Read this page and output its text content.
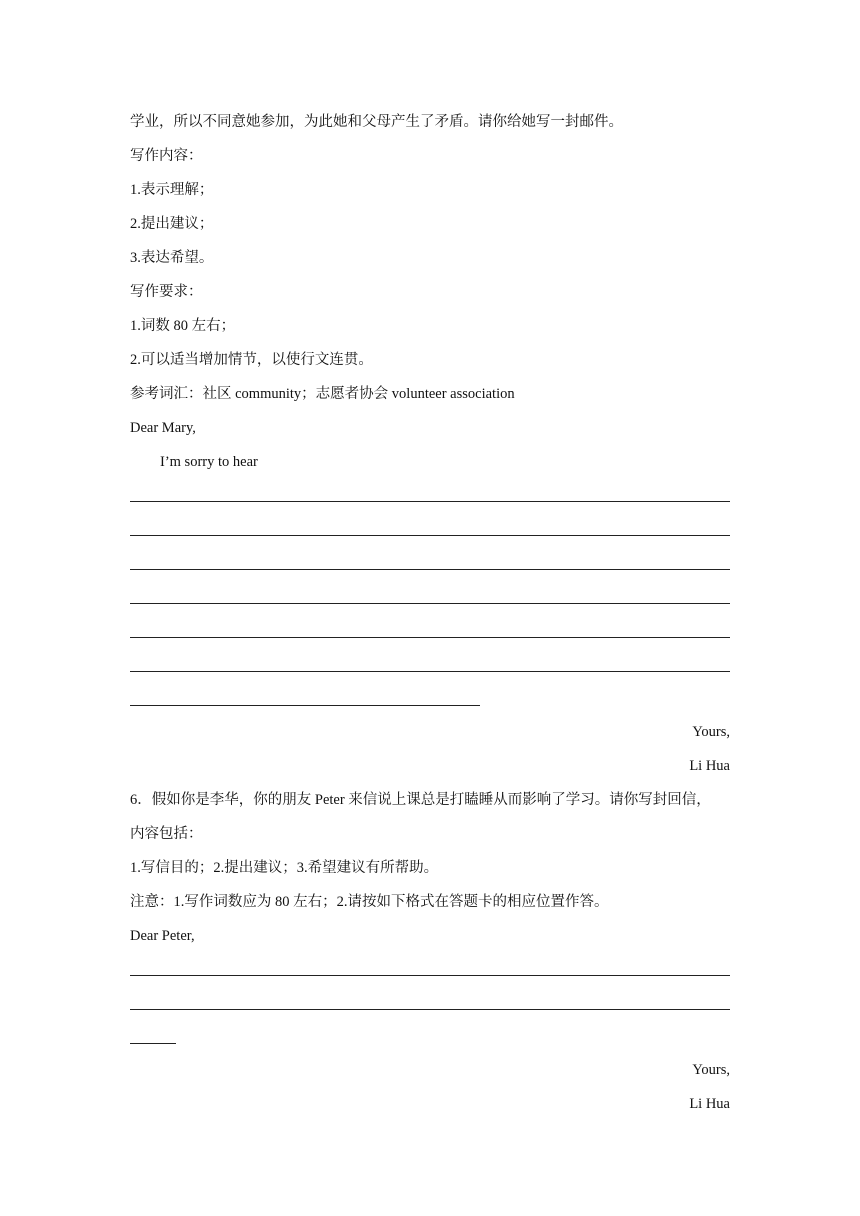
学业，所以不同意她参加，为此她和父母产生了矛盾。请你给她写一封邮件。
写作内容：
1.表示理解；
2.提出建议；
3.表达希望。
写作要求：
1.词数 80 左右；
2.可以适当增加情节，以使行文连贯。
参考词汇：社区 community；志愿者协会 volunteer association
Dear Mary,
I’m sorry to hear
Yours,
Li Hua
6．假如你是李华，你的朋友 Peter 来信说上课总是打瞌睡从而影响了学习。请你写封回信，
内容包括：
1.写信目的；2.提出建议；3.希望建议有所帮助。
注意：1.写作词数应为 80 左右；2.请按如下格式在答题卡的相应位置作答。
Dear Peter,
Yours,
Li Hua
